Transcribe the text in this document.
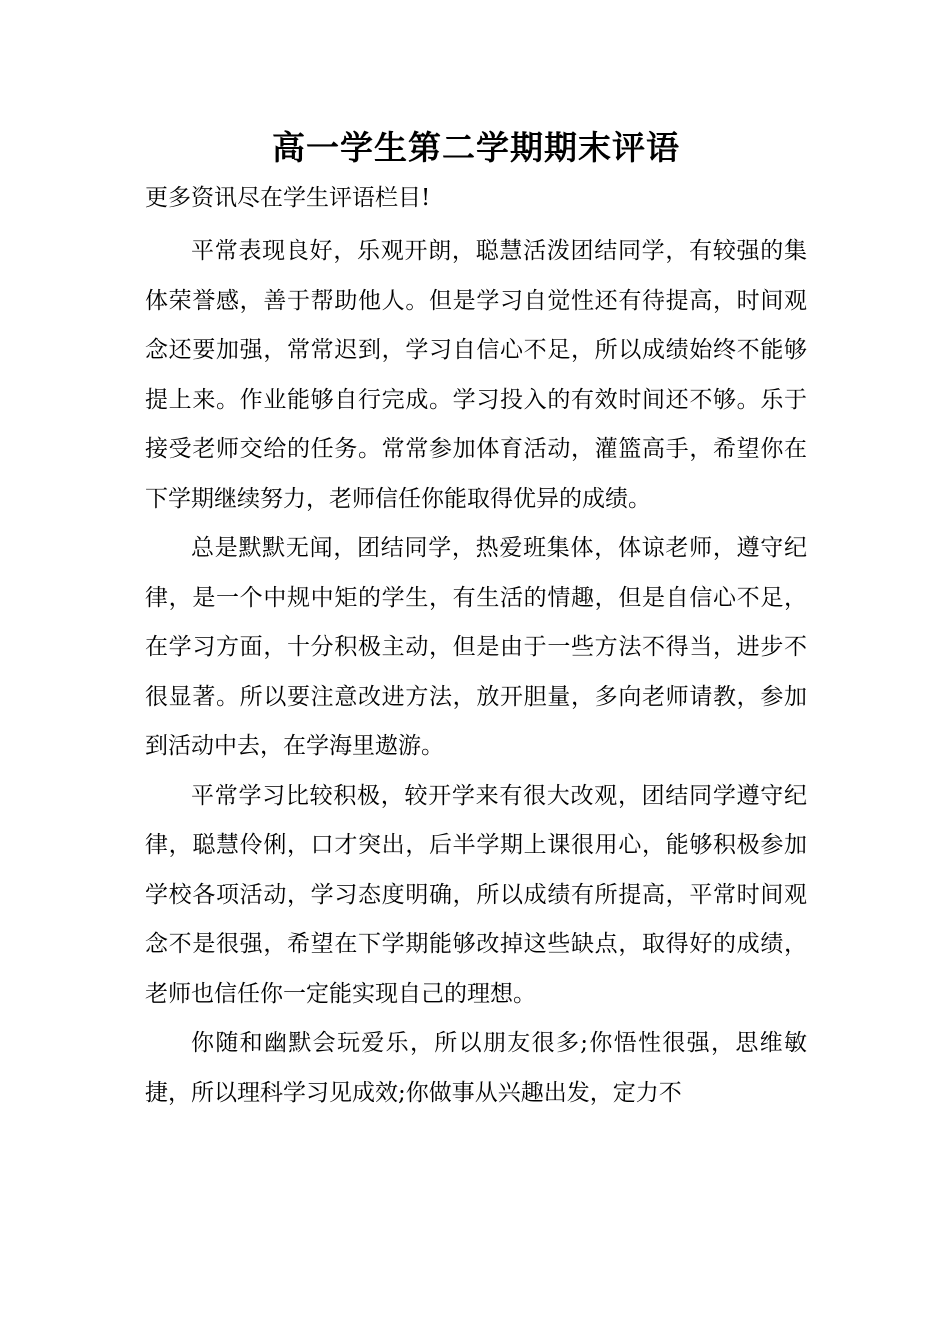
高一学生第二学期期末评语

更多资讯尽在学生评语栏目!

平常表现良好，乐观开朗，聪慧活泼团结同学，有较强的集体荣誉感，善于帮助他人。但是学习自觉性还有待提高，时间观念还要加强，常常迟到，学习自信心不足，所以成绩始终不能够提上来。作业能够自行完成。学习投入的有效时间还不够。乐于接受老师交给的任务。常常参加体育活动，灌篮高手，希望你在下学期继续努力，老师信任你能取得优异的成绩。

总是默默无闻，团结同学，热爱班集体，体谅老师，遵守纪律，是一个中规中矩的学生，有生活的情趣，但是自信心不足，在学习方面，十分积极主动，但是由于一些方法不得当，进步不很显著。所以要注意改进方法，放开胆量，多向老师请教，参加到活动中去，在学海里遨游。

平常学习比较积极，较开学来有很大改观，团结同学遵守纪律，聪慧伶俐，口才突出，后半学期上课很用心，能够积极参加学校各项活动，学习态度明确，所以成绩有所提高，平常时间观念不是很强，希望在下学期能够改掉这些缺点，取得好的成绩，老师也信任你一定能实现自己的理想。

你随和幽默会玩爱乐，所以朋友很多;你悟性很强，思维敏捷，所以理科学习见成效;你做事从兴趣出发，定力不
